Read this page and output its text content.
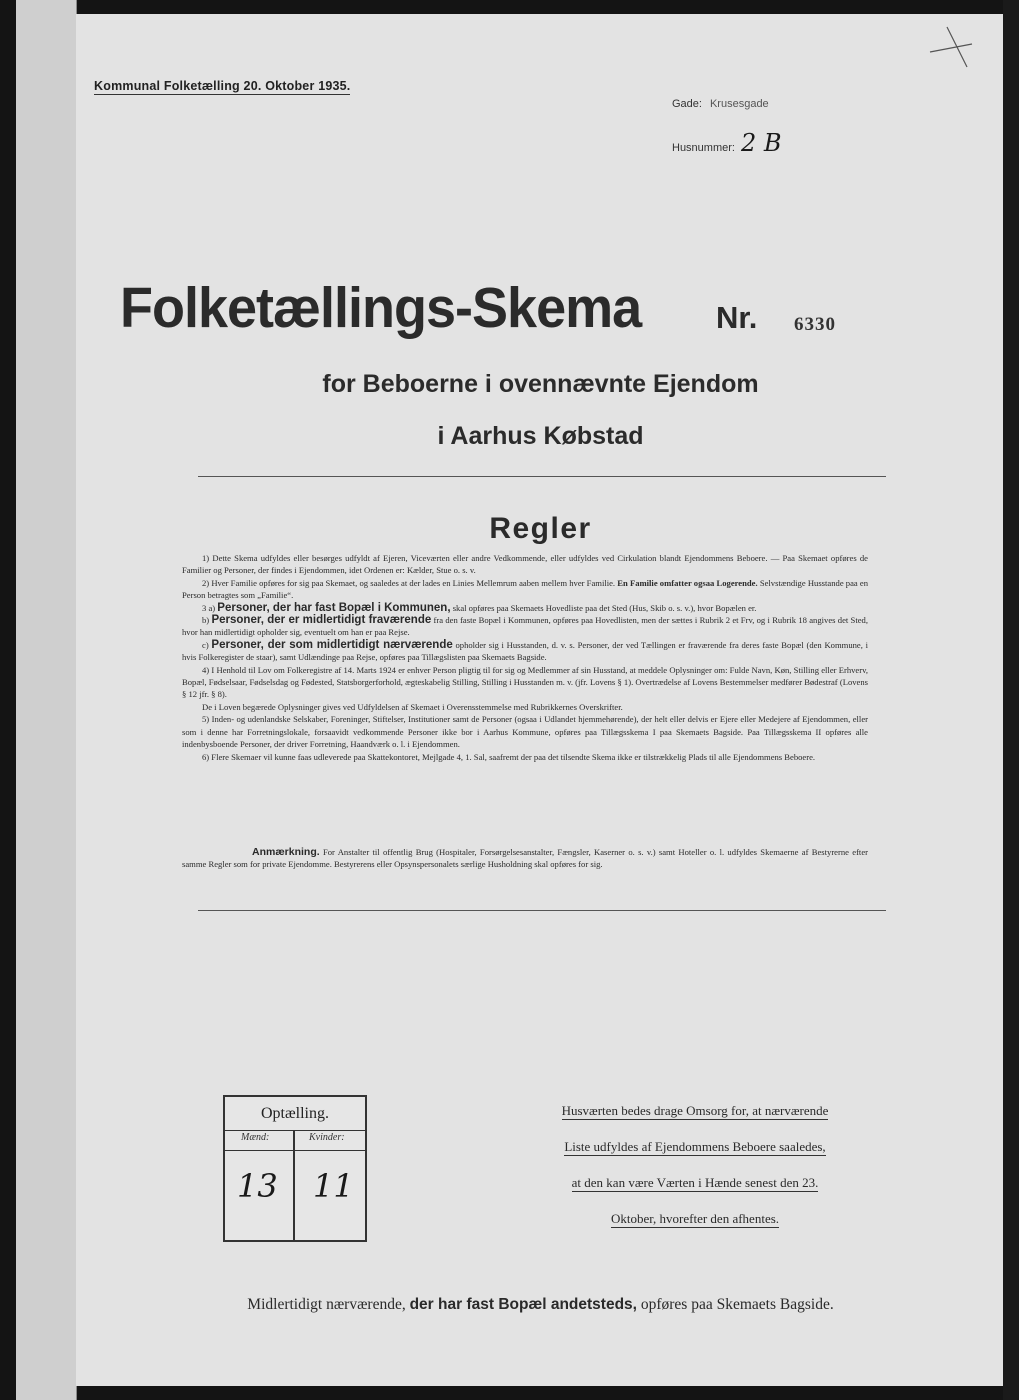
Kommunal Folketælling 20. Oktober 1935.
Gade: Krusesgade
Husnummer: 2 B
Folketællings-Skema Nr. 6330
for Beboerne i ovennævnte Ejendom
i Aarhus Købstad
Regler

1) Dette Skema udfyldes eller besørges udfyldt af Ejeren, Viceværten eller andre Vedkommende, eller udfyldes ved Cirkulation blandt Ejendommens Beboere. — Paa Skemaet opføres de Familier og Personer, der findes i Ejendommen, idet Ordenen er: Kælder, Stue o. s. v.

2) Hver Familie opføres for sig paa Skemaet, og saaledes at der lades en Linies Mellemrum aaben mellem hver Familie. En Familie omfatter ogsaa Logerende. Selvstændige Husstande paa en Person betragtes som „Familie“.

3 a) Personer, der har fast Bopæl i Kommunen, skal opføres paa Skemaets Hovedliste paa det Sted (Hus, Skib o. s. v.), hvor Bopælen er.

b) Personer, der er midlertidigt fraværende fra den faste Bopæl i Kommunen, opføres paa Hovedlisten, men der sættes i Rubrik 2 et Frv, og i Rubrik 18 angives det Sted, hvor han midlertidigt opholder sig, eventuelt om han er paa Rejse.

c) Personer, der som midlertidigt nærværende opholder sig i Husstanden, d. v. s. Personer, der ved Tællingen er fraværende fra deres faste Bopæl (den Kommune, i hvis Folkeregister de staar), samt Udlændinge paa Rejse, opføres paa Tillægslisten paa Skemaets Bagside.

4) I Henhold til Lov om Folkeregistre af 14. Marts 1924 er enhver Person pligtig til for sig og Medlemmer af sin Husstand, at meddele Oplysninger om: Fulde Navn, Køn, Stilling eller Erhverv, Bopæl, Fødselsaar, Fødselsdag og Fødested, Statsborgerforhold, ægteskabelig Stilling, Stilling i Husstanden m. v. (jfr. Lovens § 1). Overtrædelse af Lovens Bestemmelser medfører Bødestraf (Lovens § 12 jfr. § 8).

De i Loven begærede Oplysninger gives ved Udfyldelsen af Skemaet i Overensstemmelse med Rubrikkernes Overskrifter.

5) Inden- og udenlandske Selskaber, Foreninger, Stiftelser, Institutioner samt de Personer (ogsaa i Udlandet hjemmehørende), der helt eller delvis er Ejere eller Medejere af Ejendommen, eller som i denne har Forretningslokale, forsaavidt vedkommende Personer ikke bor i Aarhus Kommune, opføres paa Tillægsskema I paa Skemaets Bagside. Paa Tillægsskema II opføres alle indenbysboende Personer, der driver Forretning, Haandværk o. l. i Ejendommen.

6) Flere Skemaer vil kunne faas udleverede paa Skattekontoret, Mejlgade 4, 1. Sal, saafremt der paa det tilsendte Skema ikke er tilstrækkelig Plads til alle Ejendommens Beboere.

Anmærkning. For Anstalter til offentlig Brug (Hospitaler, Forsørgelsesanstalter, Fængsler, Kaserner o. s. v.) samt Hoteller o. l. udfyldes Skemaerne af Bestyrerne efter samme Regler som for private Ejendomme. Bestyrerens eller Opsynspersonalets særlige Husholdning skal opføres for sig.
Optælling.
Mænd:	Kvinder:
13 11
Husværten bedes drage Omsorg for, at nærværende
Liste udfyldes af Ejendommens Beboere saaledes,
at den kan være Værten i Hænde senest den 23.
Oktober, hvorefter den afhentes.
Midlertidigt nærværende, der har fast Bopæl andetsteds, opføres paa Skemaets Bagside.
